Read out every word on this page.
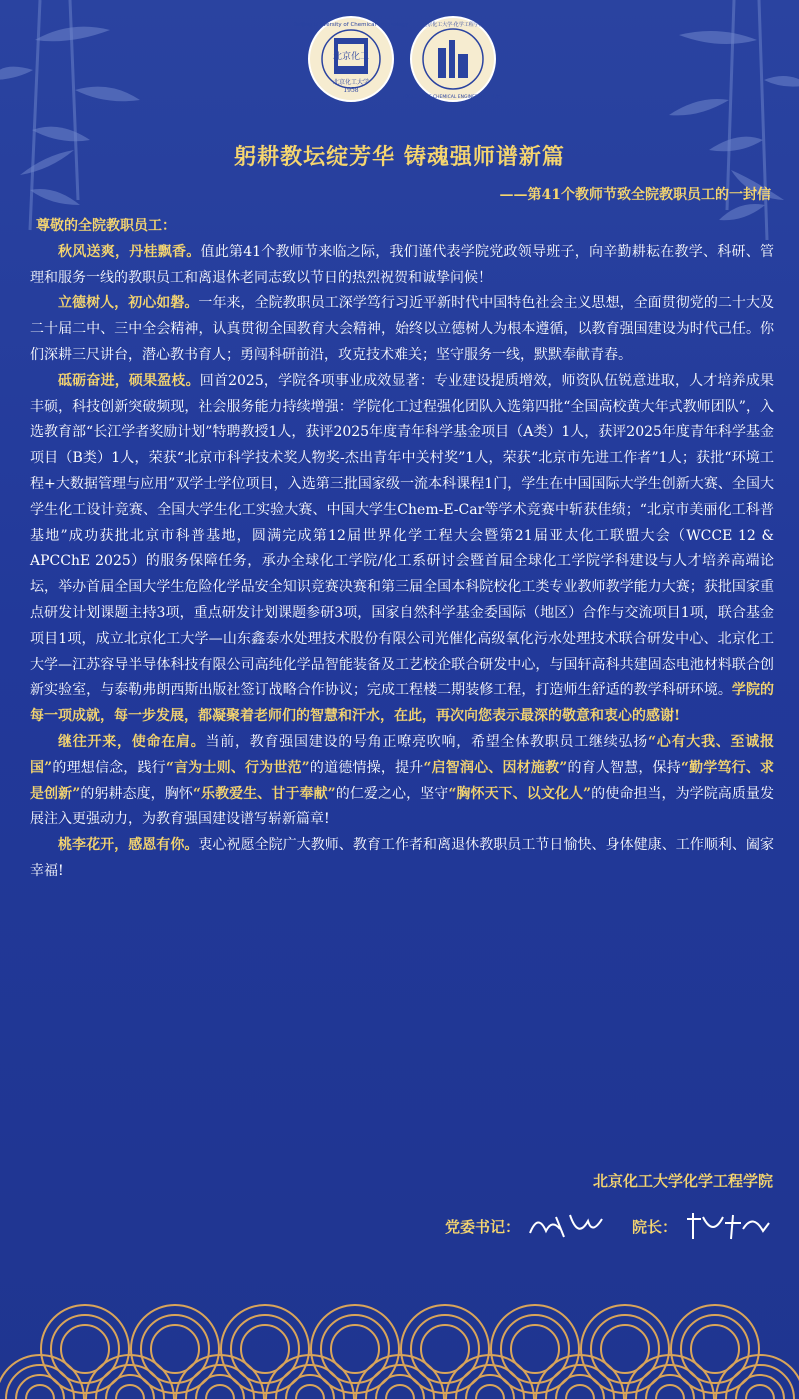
北京化工
1958
Beijing University of Chemical Technology
北京化工大学
北京化工大学·化学工程学院
COLLEGE OF CHEMICAL ENGINEERING BUCT
躬耕教坛绽芳华 铸魂强师谱新篇
——第41个教师节致全院教职员工的一封信

尊敬的全院教职员工：

秋风送爽，丹桂飘香。值此第41个教师节来临之际，我们谨代表学院党政领导班子，向辛勤耕耘在教学、科研、管理和服务一线的教职员工和离退休老同志致以节日的热烈祝贺和诚挚问候！

立德树人，初心如磐。一年来，全院教职员工深学笃行习近平新时代中国特色社会主义思想，全面贯彻党的二十大及二十届二中、三中全会精神，认真贯彻全国教育大会精神，始终以立德树人为根本遵循，以教育强国建设为时代己任。你们深耕三尺讲台，潜心教书育人；勇闯科研前沿，攻克技术难关；坚守服务一线，默默奉献青春。

砥砺奋进，硕果盈枝。回首2025，学院各项事业成效显著：专业建设提质增效，师资队伍锐意进取，人才培养成果丰硕，科技创新突破频现，社会服务能力持续增强：学院化工过程强化团队入选第四批“全国高校黄大年式教师团队”，入选教育部“长江学者奖励计划”特聘教授1人，获评2025年度青年科学基金项目（A类）1人，获评2025年度青年科学基金项目（B类）1人，荣获“北京市科学技术奖人物奖-杰出青年中关村奖”1人，荣获“北京市先进工作者”1人；获批“环境工程+大数据管理与应用”双学士学位项目，入选第三批国家级一流本科课程1门，学生在中国国际大学生创新大赛、全国大学生化工设计竞赛、全国大学生化工实验大赛、中国大学生Chem-E-Car等学术竞赛中斩获佳绩；“北京市美丽化工科普基地”成功获批北京市科普基地，圆满完成第12届世界化学工程大会暨第21届亚太化工联盟大会（WCCE 12 & APCChE 2025）的服务保障任务，承办全球化工学院/化工系研讨会暨首届全球化工学院学科建设与人才培养高端论坛，举办首届全国大学生危险化学品安全知识竞赛决赛和第三届全国本科院校化工类专业教师教学能力大赛；获批国家重点研发计划课题主持3项，重点研发计划课题参研3项，国家自然科学基金委国际（地区）合作与交流项目1项，联合基金项目1项，成立北京化工大学—山东鑫泰水处理技术股份有限公司光催化高级氧化污水处理技术联合研发中心、北京化工大学—江苏容导半导体科技有限公司高纯化学品智能装备及工艺校企联合研发中心，与国轩高科共建固态电池材料联合创新实验室，与泰勒弗朗西斯出版社签订战略合作协议；完成工程楼二期装修工程，打造师生舒适的教学科研环境。学院的每一项成就，每一步发展，都凝聚着老师们的智慧和汗水，在此，再次向您表示最深的敬意和衷心的感谢!

继往开来，使命在肩。当前，教育强国建设的号角正嘹亮吹响，希望全体教职员工继续弘扬“心有大我、至诚报国”的理想信念，践行“言为士则、行为世范”的道德情操，提升“启智润心、因材施教”的育人智慧，保持“勤学笃行、求是创新”的躬耕态度，胸怀“乐教爱生、甘于奉献”的仁爱之心，坚守“胸怀天下、以文化人”的使命担当，为学院高质量发展注入更强动力，为教育强国建设谱写崭新篇章!

桃李花开，感恩有你。衷心祝愿全院广大教师、教育工作者和离退休教职员工节日愉快、身体健康、工作顺利、阖家幸福!

北京化工大学化学工程学院
党委书记：	院长：
